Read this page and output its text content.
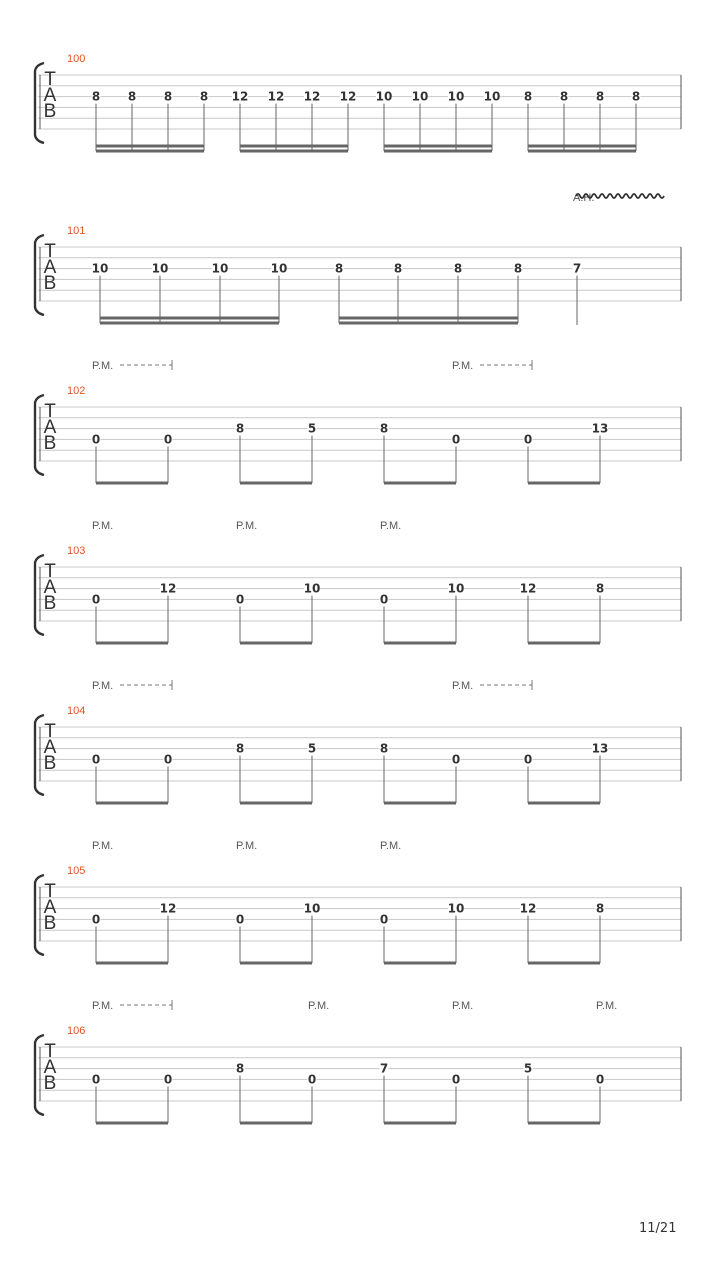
T
A
B
100
8 8 8 8 12 12 12 12 10 10 10 10 8 8 8 8
A.H.
T
A
B
101
10	10	10	10	8	8	8	8	7
T
A
B
102
P.M.	P.M.
0	0
8	5	8
0	0
13
T
A
B
103
P.M.	P.M.	P.M.
0
12
0
10
0
10	12	8
T
A
B
104
P.M.	P.M.
0	0
8	5	8
0	0
13
T
A
B
105
P.M.	P.M.	P.M.
0
12
0
10
0
10	12	8
T
A
B
106
P.M.	P.M.	P.M.	P.M.
0	0
8
0
7
0
5
0
11/21
